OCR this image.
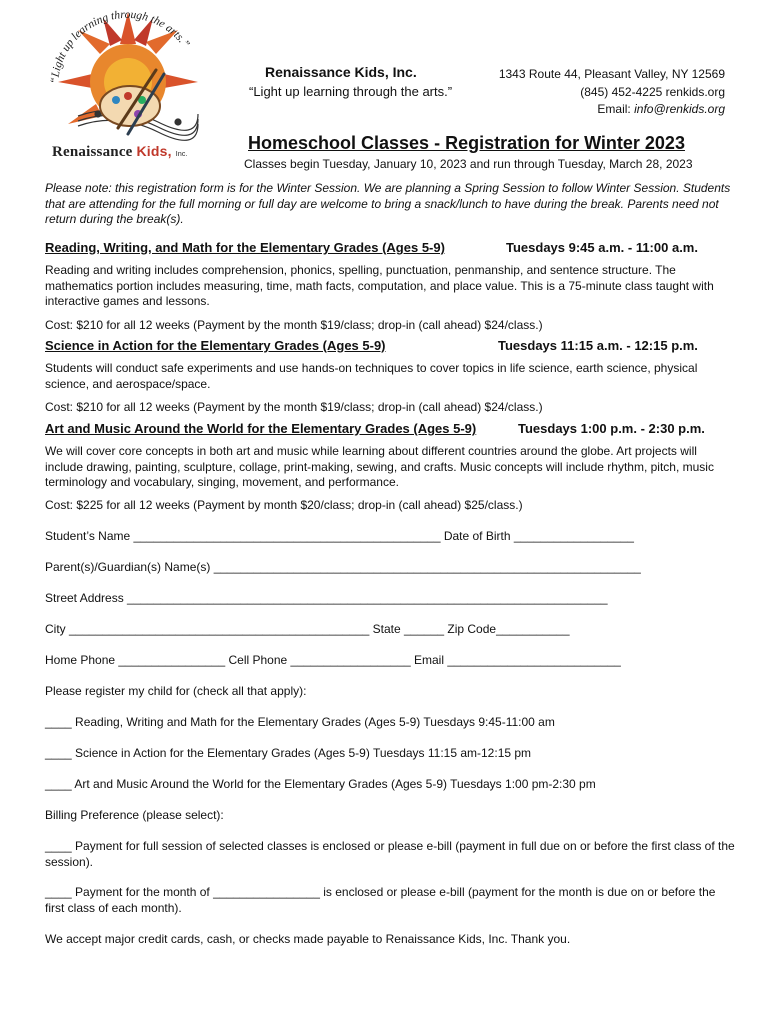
“Light up learning through the arts.”
Renaissance Kids, Inc.
Renaissance Kids, Inc.
“Light up learning through the arts.”
1343 Route 44, Pleasant Valley, NY 12569
(845) 452-4225 renkids.org
Email: info@renkids.org
Homeschool Classes - Registration for Winter 2023
Classes begin Tuesday, January 10, 2023 and run through Tuesday, March 28, 2023
Please note: this registration form is for the Winter Session. We are planning a Spring Session to follow Winter Session. Students that are attending for the full morning or full day are welcome to bring a snack/lunch to have during the break. Parents need not return during the break(s).
Reading, Writing, and Math for the Elementary Grades (Ages 5-9)	Tuesdays 9:45 a.m. - 11:00 a.m.
Reading and writing includes comprehension, phonics, spelling, punctuation, penmanship, and sentence structure. The mathematics portion includes measuring, time, math facts, computation, and place value. This is a 75-minute class taught with interactive games and lessons.
Cost: $210 for all 12 weeks (Payment by the month $19/class; drop-in (call ahead) $24/class.)
Science in Action for the Elementary Grades (Ages 5-9)	Tuesdays 11:15 a.m. - 12:15 p.m.
Students will conduct safe experiments and use hands-on techniques to cover topics in life science, earth science, physical science, and aerospace/space.
Cost: $210 for all 12 weeks (Payment by the month $19/class; drop-in (call ahead) $24/class.)
Art and Music Around the World for the Elementary Grades (Ages 5-9)	Tuesdays 1:00 p.m. - 2:30 p.m.
We will cover core concepts in both art and music while learning about different countries around the globe. Art projects will include drawing, painting, sculpture, collage, print-making, sewing, and crafts. Music concepts will include rhythm, pitch, music terminology and vocabulary, singing, movement, and performance.
Cost: $225 for all 12 weeks (Payment by month $20/class; drop-in (call ahead) $25/class.)
Student’s Name ______________________________________________ Date of Birth __________________
Parent(s)/Guardian(s) Name(s) ________________________________________________________________
Street Address ________________________________________________________________________
City _____________________________________________ State ______ Zip Code___________
Home Phone ________________ Cell Phone __________________ Email __________________________
Please register my child for (check all that apply):
____ Reading, Writing and Math for the Elementary Grades (Ages 5-9) Tuesdays 9:45-11:00 am
____ Science in Action for the Elementary Grades (Ages 5-9) Tuesdays 11:15 am-12:15 pm
____ Art and Music Around the World for the Elementary Grades (Ages 5-9) Tuesdays 1:00 pm-2:30 pm
Billing Preference (please select):
____ Payment for full session of selected classes is enclosed or please e-bill (payment in full due on or before the first class of the session).
____ Payment for the month of ________________ is enclosed or please e-bill (payment for the month is due on or before the first class of each month).
We accept major credit cards, cash, or checks made payable to Renaissance Kids, Inc. Thank you.
